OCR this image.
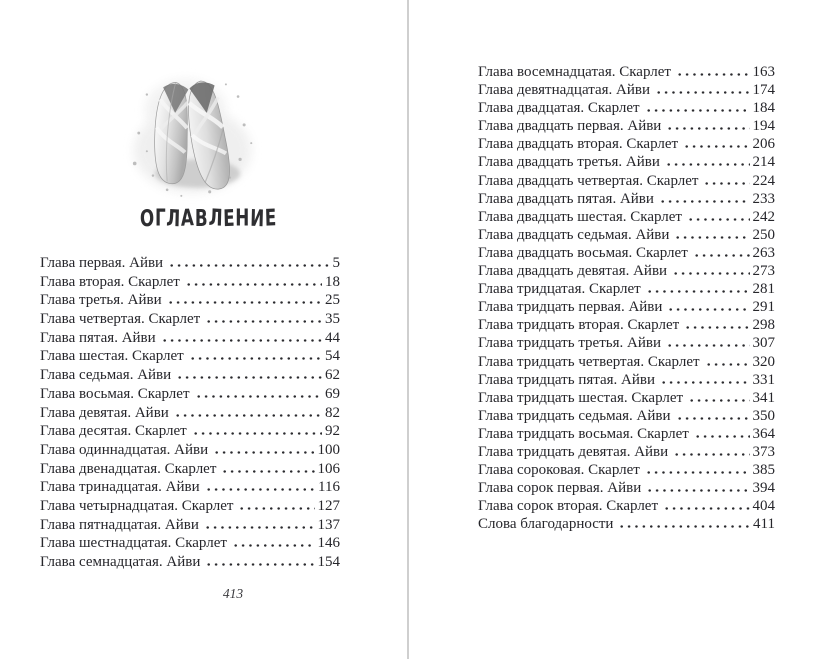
ОГЛАВЛЕНИЕ
Глава первая. Айви	5
Глава вторая. Скарлет	18
Глава третья. Айви	25
Глава четвертая. Скарлет	35
Глава пятая. Айви	44
Глава шестая. Скарлет	54
Глава седьмая. Айви	62
Глава восьмая. Скарлет	69
Глава девятая. Айви	82
Глава десятая. Скарлет	92
Глава одиннадцатая. Айви	100
Глава двенадцатая. Скарлет	106
Глава тринадцатая. Айви	116
Глава четырнадцатая. Скарлет	127
Глава пятнадцатая. Айви	137
Глава шестнадцатая. Скарлет	146
Глава семнадцатая. Айви	154
413
Глава восемнадцатая. Скарлет	163
Глава девятнадцатая. Айви	174
Глава двадцатая. Скарлет	184
Глава двадцать первая. Айви	194
Глава двадцать вторая. Скарлет	206
Глава двадцать третья. Айви	214
Глава двадцать четвертая. Скарлет	224
Глава двадцать пятая. Айви	233
Глава двадцать шестая. Скарлет	242
Глава двадцать седьмая. Айви	250
Глава двадцать восьмая. Скарлет	263
Глава двадцать девятая. Айви	273
Глава тридцатая. Скарлет	281
Глава тридцать первая. Айви	291
Глава тридцать вторая. Скарлет	298
Глава тридцать третья. Айви	307
Глава тридцать четвертая. Скарлет	320
Глава тридцать пятая. Айви	331
Глава тридцать шестая. Скарлет	341
Глава тридцать седьмая. Айви	350
Глава тридцать восьмая. Скарлет	364
Глава тридцать девятая. Айви	373
Глава сороковая. Скарлет	385
Глава сорок первая. Айви	394
Глава сорок вторая. Скарлет	404
Слова благодарности	411
